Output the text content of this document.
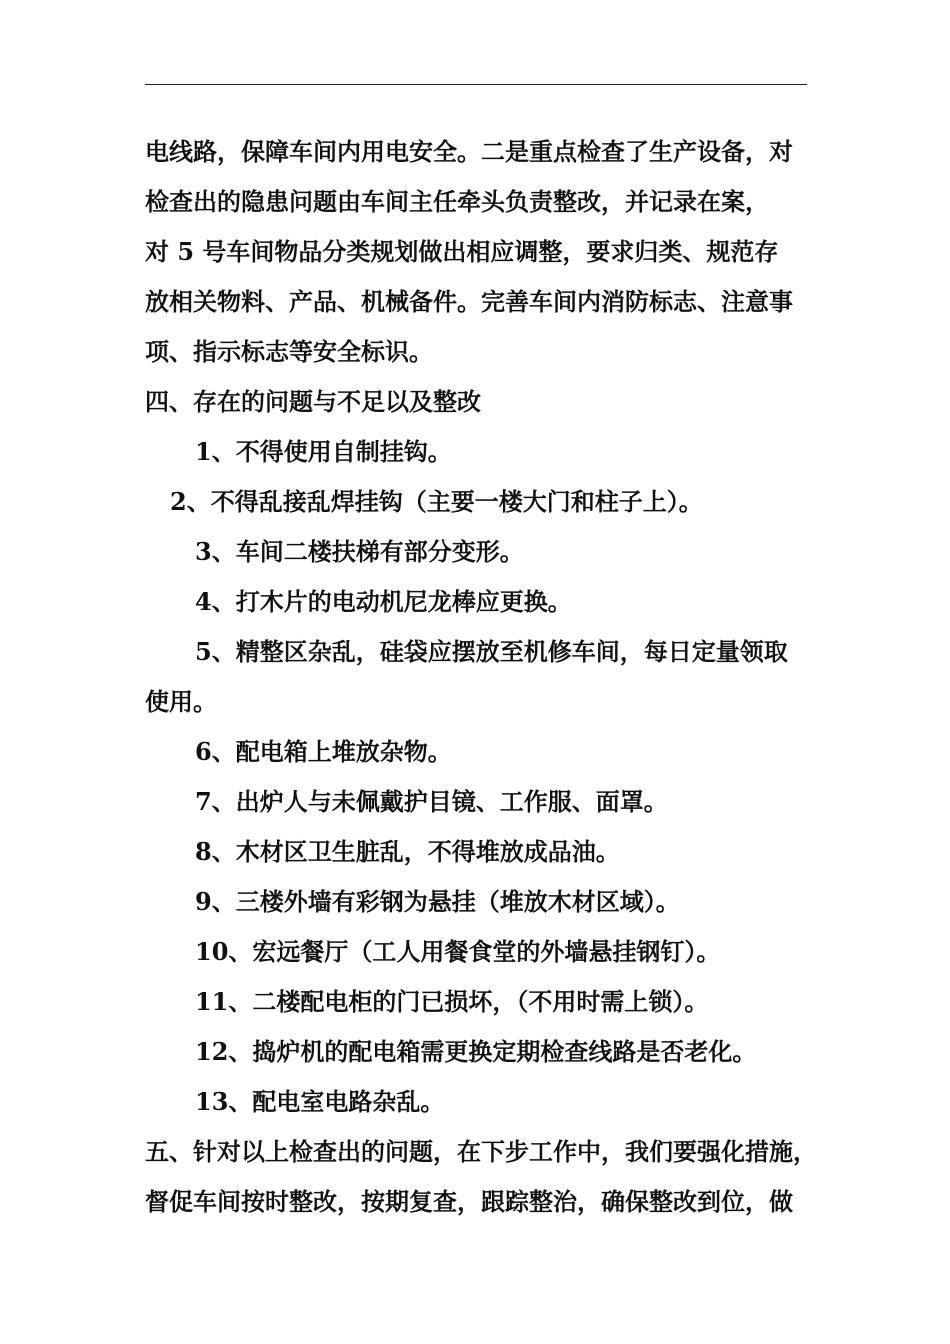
电线路，保障车间内用电安全。二是重点检查了生产设备，对

检查出的隐患问题由车间主任牵头负责整改，并记录在案，

对 5 号车间物品分类规划做出相应调整，要求归类、规范存

放相关物料、产品、机械备件。完善车间内消防标志、注意事

项、指示标志等安全标识。

四、存在的问题与不足以及整改

1、不得使用自制挂钩。

2、不得乱接乱焊挂钩（主要一楼大门和柱子上）。

3、车间二楼扶梯有部分变形。

4、打木片的电动机尼龙棒应更换。

5、精整区杂乱，硅袋应摆放至机修车间，每日定量领取

使用。

6、配电箱上堆放杂物。

7、出炉人与未佩戴护目镜、工作服、面罩。

8、木材区卫生脏乱，不得堆放成品油。

9、三楼外墙有彩钢为悬挂（堆放木材区域）。

10、宏远餐厅（工人用餐食堂的外墙悬挂钢钉）。

11、二楼配电柜的门已损坏，（不用时需上锁）。

12、捣炉机的配电箱需更换定期检查线路是否老化。

13、配电室电路杂乱。

五、针对以上检查出的问题，在下步工作中，我们要强化措施，

督促车间按时整改，按期复查，跟踪整治，确保整改到位，做
